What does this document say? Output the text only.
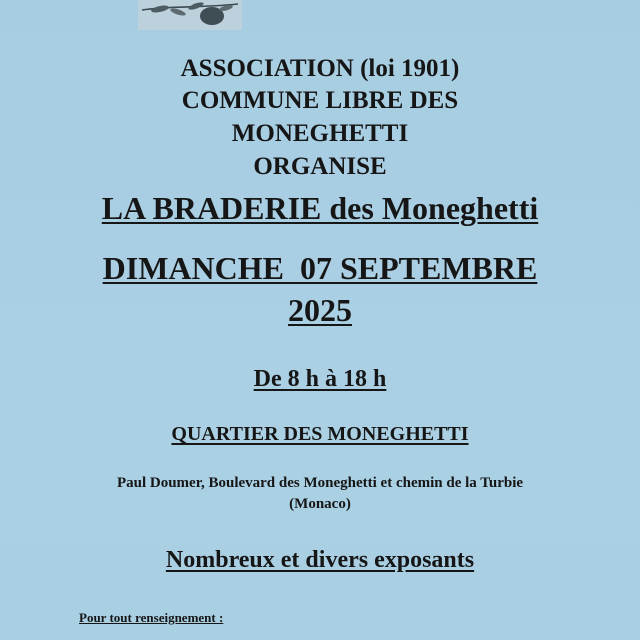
ASSOCIATION (loi 1901)
COMMUNE LIBRE DES
MONEGHETTI
ORGANISE
LA BRADERIE des Moneghetti
DIMANCHE  07 SEPTEMBRE
2025
De 8 h à 18 h
QUARTIER DES MONEGHETTI
Paul Doumer, Boulevard des Moneghetti et chemin de la Turbie
(Monaco)
Nombreux et divers exposants
Pour tout renseignement :
